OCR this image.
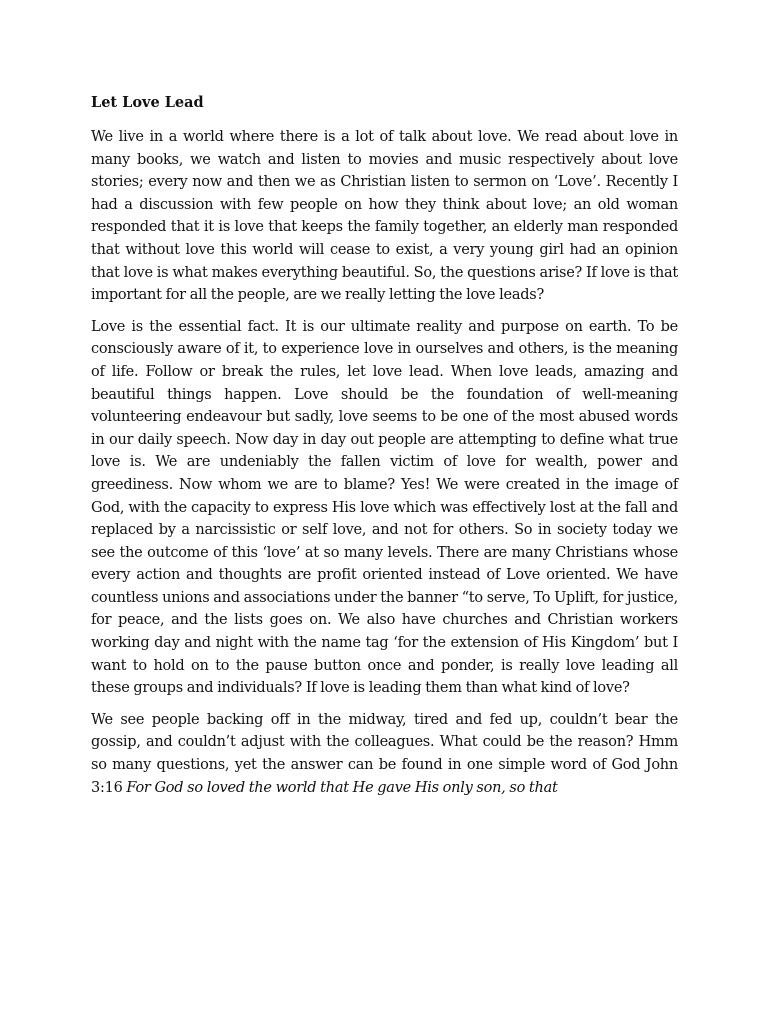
Let Love Lead

We live in a world where there is a lot of talk about love. We read about love in many books, we watch and listen to movies and music respectively about love stories; every now and then we as Christian listen to sermon on ‘Love’. Recently I had a discussion with few people on how they think about love; an old woman responded that it is love that keeps the family together, an elderly man responded that without love this world will cease to exist, a very young girl had an opinion that love is what makes everything beautiful. So, the questions arise? If love is that important for all the people, are we really letting the love leads?

Love is the essential fact. It is our ultimate reality and purpose on earth. To be consciously aware of it, to experience love in ourselves and others, is the meaning of life. Follow or break the rules, let love lead. When love leads, amazing and beautiful things happen. Love should be the foundation of well-meaning volunteering endeavour but sadly, love seems to be one of the most abused words in our daily speech. Now day in day out people are attempting to define what true love is. We are undeniably the fallen victim of love for wealth, power and greediness. Now whom we are to blame? Yes! We were created in the image of God, with the capacity to express His love which was effectively lost at the fall and replaced by a narcissistic or self love, and not for others. So in society today we see the outcome of this ‘love’ at so many levels. There are many Christians whose every action and thoughts are profit oriented instead of Love oriented. We have countless unions and associations under the banner “to serve, To Uplift, for justice, for peace, and the lists goes on. We also have churches and Christian workers working day and night with the name tag ‘for the extension of His Kingdom’ but I want to hold on to the pause button once and ponder, is really love leading all these groups and individuals? If love is leading them than what kind of love?

We see people backing off in the midway, tired and fed up, couldn’t bear the gossip, and couldn’t adjust with the colleagues. What could be the reason? Hmm so many questions, yet the answer can be found in one simple word of God John 3:16 For God so loved the world that He gave His only son, so that
